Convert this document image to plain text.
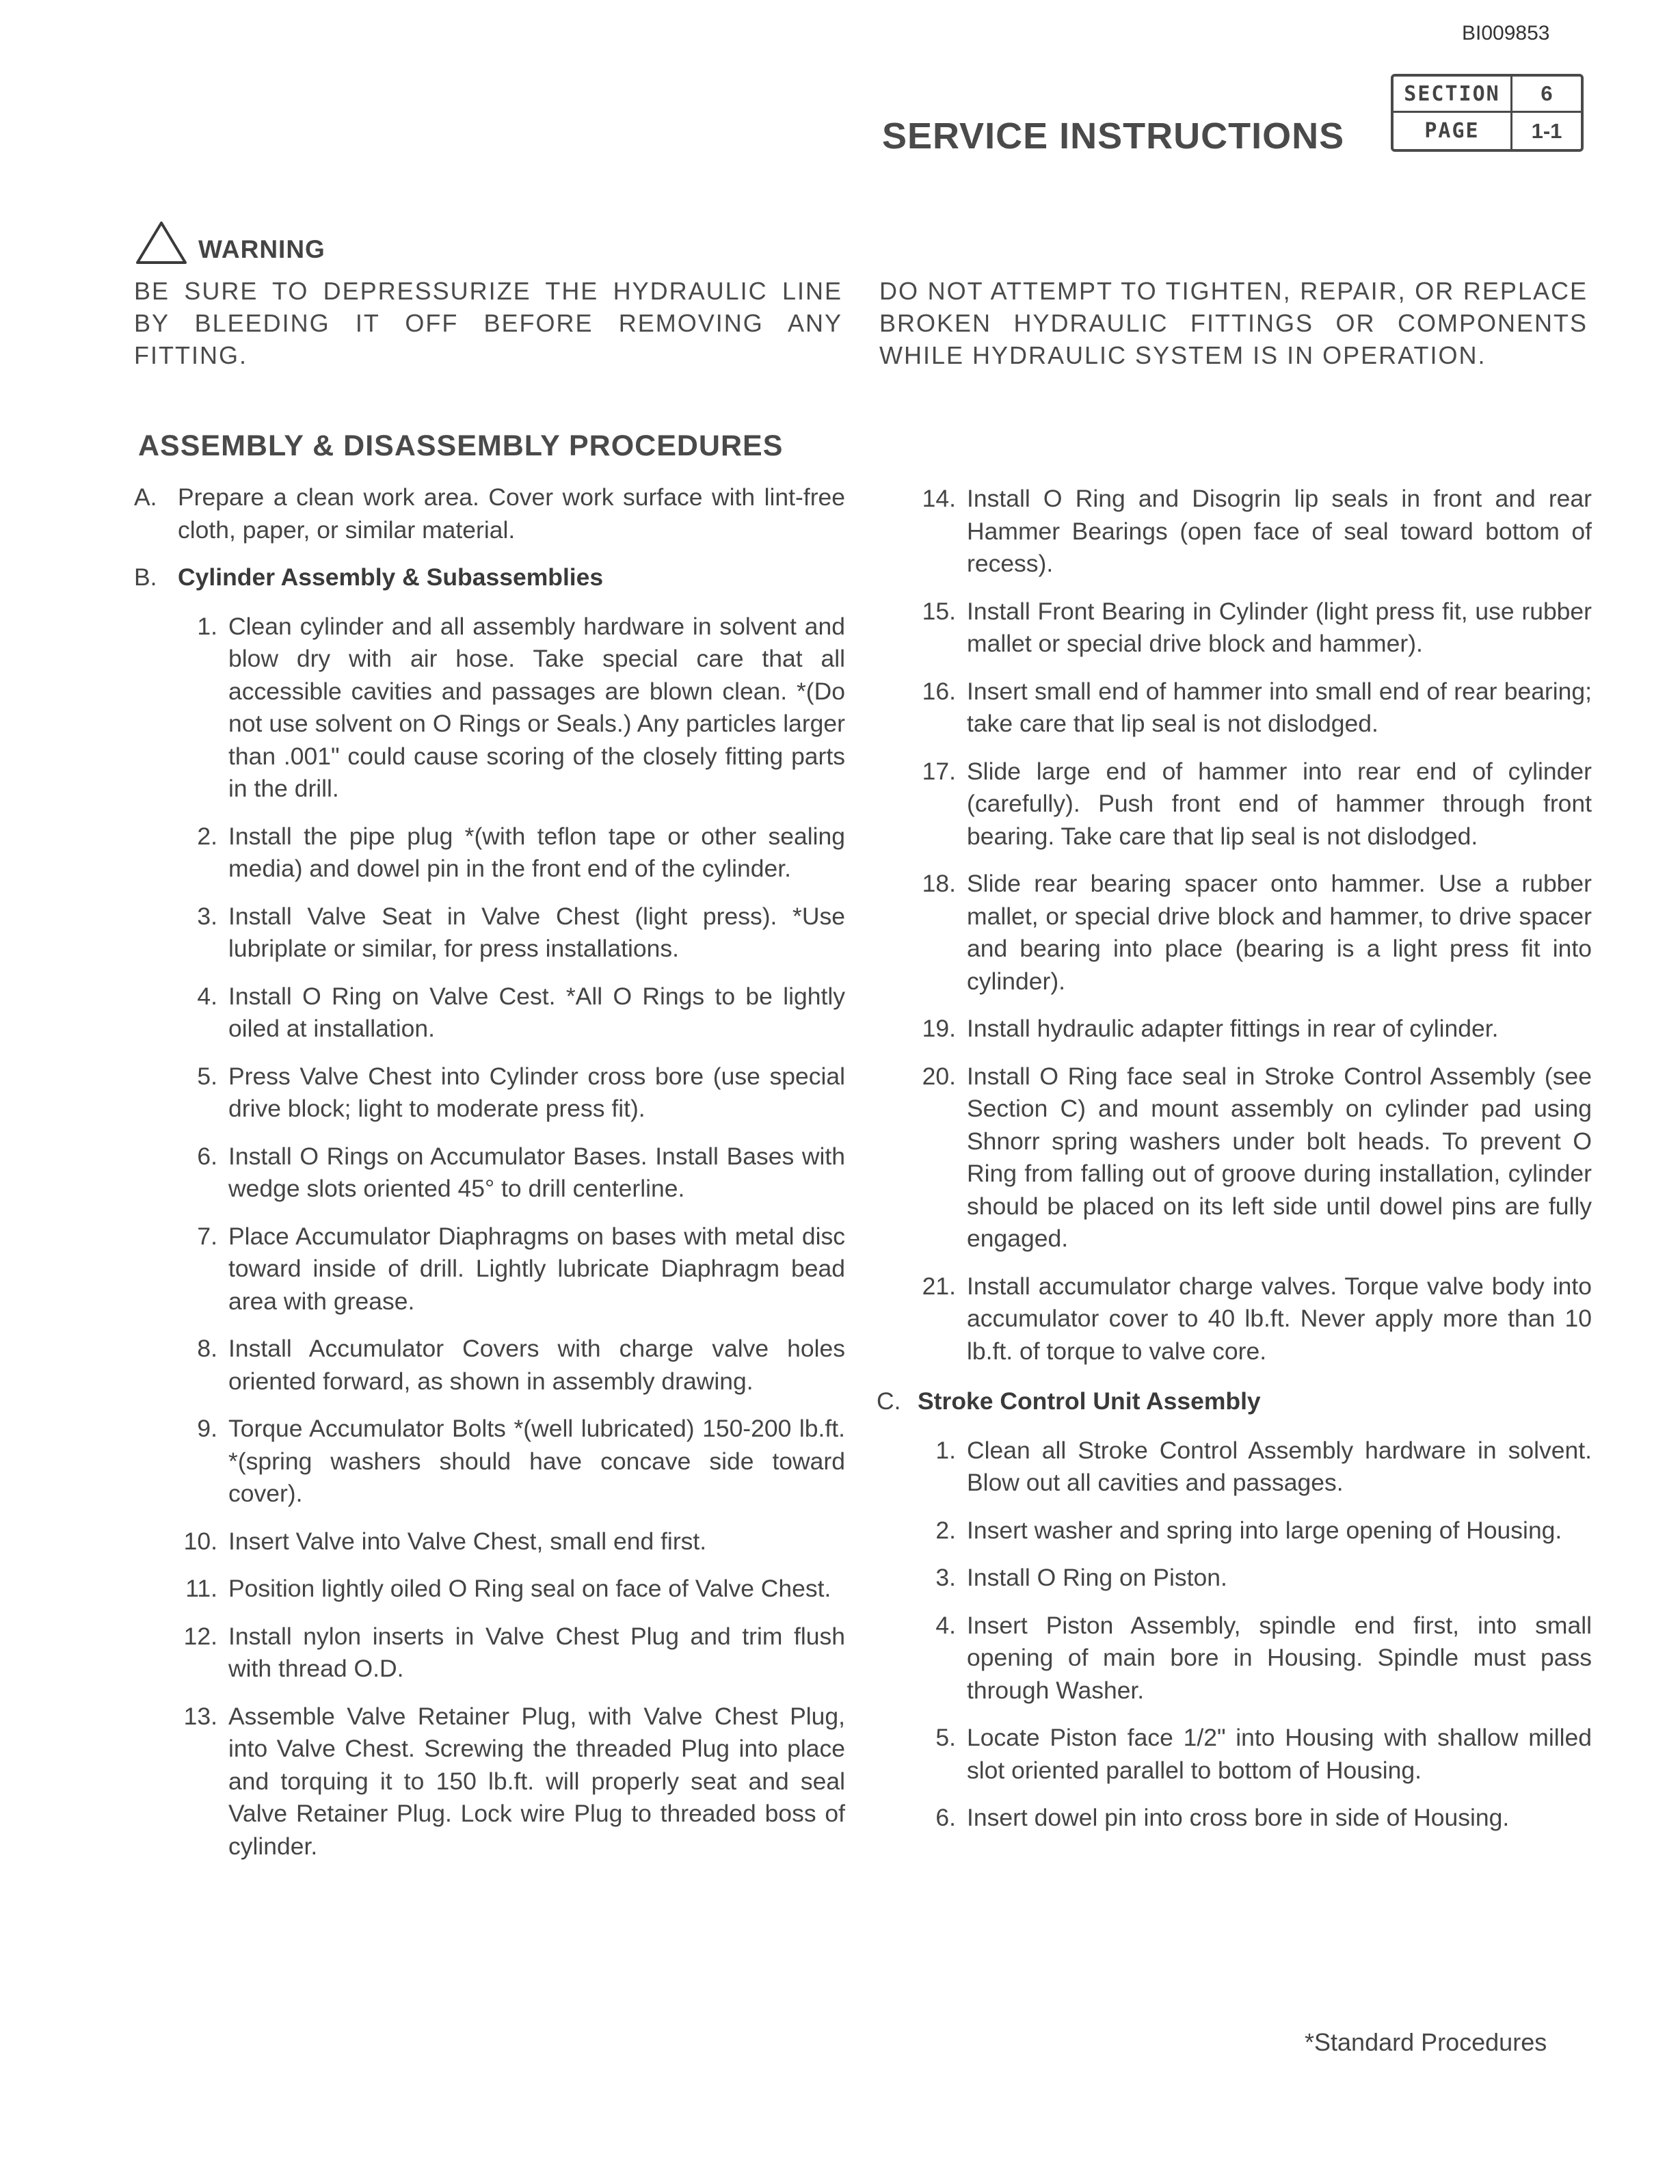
BI009853
SERVICE INSTRUCTIONS
SECTION	6
PAGE	1-1
WARNING
BE SURE TO DEPRESSURIZE THE HYDRAULIC LINE BY BLEEDING IT OFF BEFORE REMOVING ANY FITTING.
DO NOT ATTEMPT TO TIGHTEN, REPAIR, OR REPLACE BROKEN HYDRAULIC FITTINGS OR COMPONENTS WHILE HYDRAULIC SYSTEM IS IN OPERATION.
ASSEMBLY & DISASSEMBLY PROCEDURES
A. Prepare a clean work area. Cover work surface with lint-free cloth, paper, or similar material.
B. Cylinder Assembly & Subassemblies
1. Clean cylinder and all assembly hardware in solvent and blow dry with air hose. Take special care that all accessible cavities and passages are blown clean. *(Do not use solvent on O Rings or Seals.) Any particles larger than .001" could cause scoring of the closely fitting parts in the drill.
2. Install the pipe plug *(with teflon tape or other sealing media) and dowel pin in the front end of the cylinder.
3. Install Valve Seat in Valve Chest (light press). *Use lubriplate or similar, for press installations.
4. Install O Ring on Valve Cest. *All O Rings to be lightly oiled at installation.
5. Press Valve Chest into Cylinder cross bore (use special drive block; light to moderate press fit).
6. Install O Rings on Accumulator Bases. Install Bases with wedge slots oriented 45° to drill centerline.
7. Place Accumulator Diaphragms on bases with metal disc toward inside of drill. Lightly lubricate Diaphragm bead area with grease.
8. Install Accumulator Covers with charge valve holes oriented forward, as shown in assembly drawing.
9. Torque Accumulator Bolts *(well lubricated) 150-200 lb.ft. *(spring washers should have concave side toward cover).
10. Insert Valve into Valve Chest, small end first.
11. Position lightly oiled O Ring seal on face of Valve Chest.
12. Install nylon inserts in Valve Chest Plug and trim flush with thread O.D.
13. Assemble Valve Retainer Plug, with Valve Chest Plug, into Valve Chest. Screwing the threaded Plug into place and torquing it to 150 lb.ft. will properly seat and seal Valve Retainer Plug. Lock wire Plug to threaded boss of cylinder.
14. Install O Ring and Disogrin lip seals in front and rear Hammer Bearings (open face of seal toward bottom of recess).
15. Install Front Bearing in Cylinder (light press fit, use rubber mallet or special drive block and hammer).
16. Insert small end of hammer into small end of rear bearing; take care that lip seal is not dislodged.
17. Slide large end of hammer into rear end of cylinder (carefully). Push front end of hammer through front bearing. Take care that lip seal is not dislodged.
18. Slide rear bearing spacer onto hammer. Use a rubber mallet, or special drive block and hammer, to drive spacer and bearing into place (bearing is a light press fit into cylinder).
19. Install hydraulic adapter fittings in rear of cylinder.
20. Install O Ring face seal in Stroke Control Assembly (see Section C) and mount assembly on cylinder pad using Shnorr spring washers under bolt heads. To prevent O Ring from falling out of groove during installation, cylinder should be placed on its left side until dowel pins are fully engaged.
21. Install accumulator charge valves. Torque valve body into accumulator cover to 40 lb.ft. Never apply more than 10 lb.ft. of torque to valve core.
C. Stroke Control Unit Assembly
1. Clean all Stroke Control Assembly hardware in solvent. Blow out all cavities and passages.
2. Insert washer and spring into large opening of Housing.
3. Install O Ring on Piston.
4. Insert Piston Assembly, spindle end first, into small opening of main bore in Housing. Spindle must pass through Washer.
5. Locate Piston face 1/2" into Housing with shallow milled slot oriented parallel to bottom of Housing.
6. Insert dowel pin into cross bore in side of Housing.
*Standard Procedures
